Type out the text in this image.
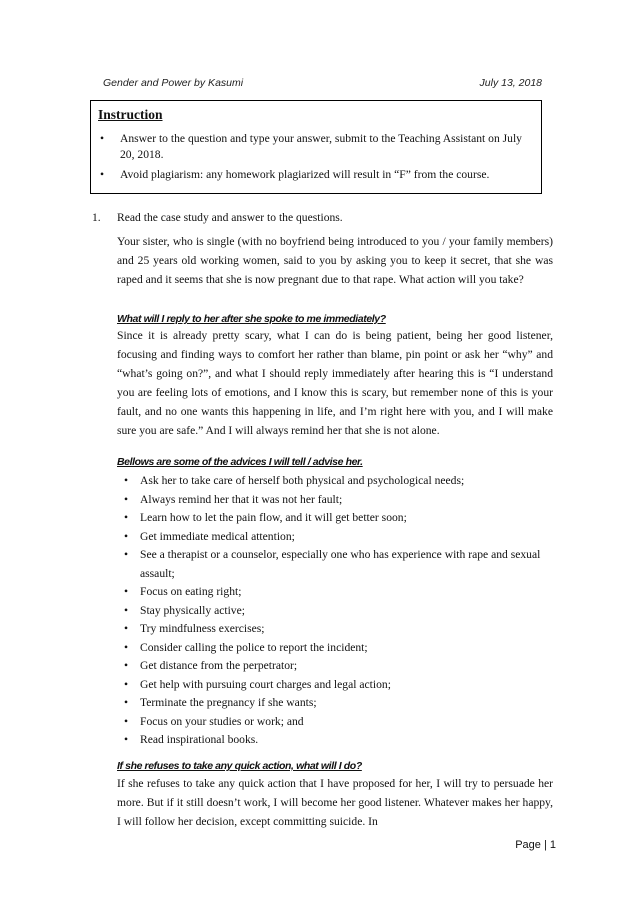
Gender and Power by Kasumi	July 13, 2018
Instruction
• Answer to the question and type your answer, submit to the Teaching Assistant on July 20, 2018.
• Avoid plagiarism: any homework plagiarized will result in “F” from the course.
1. Read the case study and answer to the questions.
Your sister, who is single (with no boyfriend being introduced to you / your family members) and 25 years old working women, said to you by asking you to keep it secret, that she was raped and it seems that she is now pregnant due to that rape. What action will you take?
What will I reply to her after she spoke to me immediately?
Since it is already pretty scary, what I can do is being patient, being her good listener, focusing and finding ways to comfort her rather than blame, pin point or ask her “why” and “what’s going on?”, and what I should reply immediately after hearing this is “I understand you are feeling lots of emotions, and I know this is scary, but remember none of this is your fault, and no one wants this happening in life, and I’m right here with you, and I will make sure you are safe.” And I will always remind her that she is not alone.
Bellows are some of the advices I will tell / advise her.
• Ask her to take care of herself both physical and psychological needs;
• Always remind her that it was not her fault;
• Learn how to let the pain flow, and it will get better soon;
• Get immediate medical attention;
• See a therapist or a counselor, especially one who has experience with rape and sexual assault;
• Focus on eating right;
• Stay physically active;
• Try mindfulness exercises;
• Consider calling the police to report the incident;
• Get distance from the perpetrator;
• Get help with pursuing court charges and legal action;
• Terminate the pregnancy if she wants;
• Focus on your studies or work; and
• Read inspirational books.
If she refuses to take any quick action, what will I do?
If she refuses to take any quick action that I have proposed for her, I will try to persuade her more. But if it still doesn’t work, I will become her good listener. Whatever makes her happy, I will follow her decision, except committing suicide. In
Page | 1
